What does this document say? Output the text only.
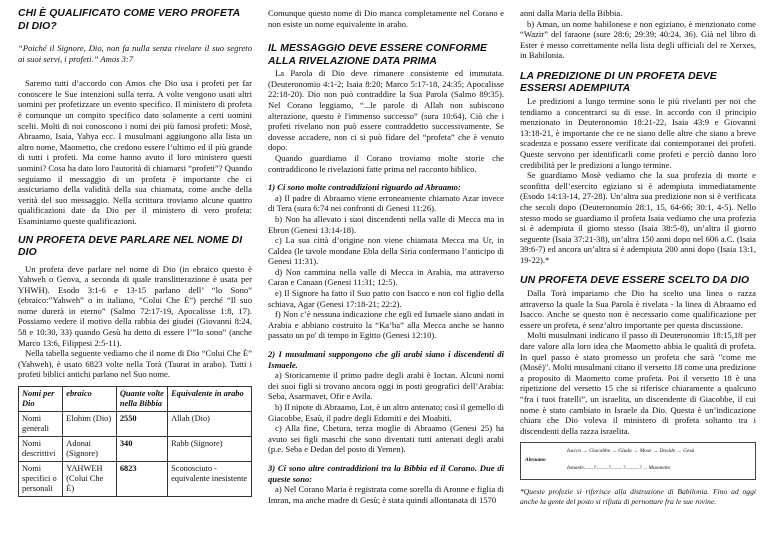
CHI È QUALIFICATO COME VERO PROFETA DI DIO?

“Poiché il Signore, Dio, non fa nulla senza rivelare il suo segreto ai suoi servi, i profeti.” Amos 3:7

Saremo tutti d’accordo con Amos che Dio usa i profeti per far conoscere le Sue intenzioni sulla terra. A volte vengono usati altri uomini per profetizzare un evento specifico. Il ministero di profeta è comunque un compito specifico dato solamente a certi uomini scelti. Molti di noi conoscono i nomi dei più famosi profeti: Mosè, Abraamo, Isaia, Yahya ecc. I musulmani aggiungono alla lista un altro nome, Maometto, che credono essere l’ultimo ed il più grande di tutti i profeti. Ma come hanno avuto il loro ministero questi uomini? Cosa ha dato loro l'autorità di chiamarsi “profeti”? Quando seguiamo il messaggio di un profeta è importante che ci assicuriamo della validità della sua chiamata, come anche della verità del suo messaggio. Nella scrittura troviamo alcune quattro qualificazioni date da Dio per il ministero di vero profeta: Esaminiamo queste qualificazioni.

UN PROFETA DEVE PARLARE NEL NOME DI DIO

Un profeta deve parlare nel nome di Dio (in ebraico questo è Yahweh o Geova, a seconda di quale translitterazione è usata per YHWH). Esodo 3:1-6 e 13-15 parlano dell’ “lo Sono” (ebraico:”Yahweh” o in italiano, “Colui Che È”) perché “Il suo nome durerà in eterno” (Salmo 72:17-19, Apocalisse 1:8, 17). Possiamo vedere il motivo della rabbia dei giudei (Giovanni 8:24, 58 e 10:30, 33) quando Gesù ha detto di essere l’”Io sono” (anche Marco 13:6, Filippesi 2:5-11).

Nella tabella seguente vediamo che il nome di Dio “Colui Che È” (Yahweh), è usato 6823 volte nella Torà (Taurat in arabo). Tutti i profeti biblici antichi parlano nel Suo nome.

Nomi per Dio	ebraico	Quante volte nella Bibbia	Equivalente in arabo
Nomi generali	Elohim (Dio)	2550	Allah (Dio)
Nomi descrittivi	Adonai (Signore)	340	Rabb (Signore)
Nomi specifici o personali	YAHWEH (Colui Che È)	6823	Sconosciuto - equivalente inesistente

Comunque questo nome di Dio manca completamente nel Corano e non esiste un nome equivalente in arabo.

IL MESSAGGIO DEVE ESSERE CONFORME ALLA RIVELAZIONE DATA PRIMA

La Parola di Dio deve rimanere consistente ed immutata. (Deuteronomio 4:1-2; Isaia 8:20; Marco 5:17-18, 24:35; Apocalisse 22:18-20). Dio non può contraddire la Sua Parola (Salmo 89:35). Nel Corano leggiamo, “...le parole di Allah non subiscono alterazione, questo è l'immenso successo” (sura 10:64). Ciò che i profeti rivelano non può essere contraddetto successivamente. Se dovesse accadere, non ci si può fidare del “profeta” che è venuto dopo.

Quando guardiamo il Corano troviamo molte storie che contraddicono le rivelazioni fatte prima nel racconto biblico.

1) Ci sono molte contraddizioni riguardo ad Abraamo:

a) Il padre di Abraamo viene erroneamente chiamato Azar invece di Tera (sura 6:74 nei confronti di Genesi 11:26).

b) Non ha allevato i suoi discendenti nella valle di Mecca ma in Ebron (Genesi 13:14-18).

c) La sua città d’origine non viene chiamata Mecca ma Ur, in Caldea (le tavole mondane Ebla della Siria confermano l’anticipo di Genesi 11:31).

d) Non cammina nella valle di Mecca in Arabia, ma attraverso Caran e Canaan (Genesi 11:31; 12:5).

e) Il Signore ha fatto il Suo patto con Isacco e non col figlio della schiava, Agar (Genesi 17:18-21; 22:2).

f) Non c’è nessuna indicazione che egli ed Ismaele siano andati in Arabia e abbiano costruito la “Ka’ba” alla Mecca anche se hanno passato un po' di tempo in Egitto (Genesi 12:10).

2) I musulmani suppongono che gli arabi siano i discendenti di Ismaele.

a) Storicamente il primo padre degli arabi è Ioctan. Alcuni nomi dei suoi figli si trovano ancora oggi in posti geografici dell’Arabia: Seba, Asarmavet, Ofir e Avila.

b) Il nipote di Abraamo, Lot, è un altro antenato; così il gemello di Giacobbe, Esaù, il padre degli Edomiti e dei Moabiti.

c) Alla fine, Chetura, terza moglie di Abraamo (Genesi 25) ha avuto sei figli maschi che sono diventati tutti antenati degli arabi (p.e. Seba e Dedan del posto di Yemen).

3) Ci sono altre contraddizioni tra la Bibbia ed il Corano. Due di queste sono:

a) Nel Corano Maria è registrata come sorella di Aronne e figlia di Imran, ma anche madre di Gesù; è stata quindi allontanata di 1570

anni dalla Maria della Bibbia.

b) Aman, un nome babilonese e non egiziano, è menzionato come “Wazir” del faraone (sure 28:6; 29:39; 40:24, 36). Già nel libro di Ester è messo correttamente nella lista degli ufficiali del re Xerxes, in Babilonia.

LA PREDIZIONE DI UN PROFETA DEVE ESSERSI ADEMPIUTA

Le predizioni a lungo termine sono le più rivelanti per noi che tendiamo a concentrarci su di esse. In accordo con il principio menzionato in Deuteronomio 18:21-22, Isaia 43:9 e Giovanni 13:18-21, è importante che ce ne siano delle altre che siano a breve scadenza e possano essere verificate dai contemporanei dei profeti. Queste servono per identificarli come profeti e perciò danno loro credibilità per le predizioni a lungo termine.

Se guardiamo Mosè vediamo che la sua profezia di morte e sconfitta dell’esercito egiziano si è adempiuta immediatamente (Esodo 14:13-14, 27-28). Un’altra sua predizione non si è verificata che secoli dopo (Deuteronomio 28:1, 15, 64-66; 30:1, 4-5). Nello stesso modo se guardiamo il profeta Isaia vediamo che una profezia si è adempiuta il giorno stesso (Isaia 38:5-8), un’altra il giorno seguente (Isaia 37:21-38), un’altra 150 anni dopo nel 606 a.C. (Isaia 39:6-7) ed ancora un’altra si è adempiuta 200 anni dopo (Isaia 13:1, 19-22).*

UN PROFETA DEVE ESSERE SCELTO DA DIO

Dalla Torà impariamo che Dio ha scelto una linea o razza attraverso la quale la Sua Parola è rivelata - la linea di Abraamo ed Isacco. Anche se questo non è necessario come qualificazione per essere un profeta, è senz’altro importante per questa discussione.

Molti musulmani indicano il passo di Deuteronomio 18:15,18 per dare valore alla loro idea che Maometto abbia le qualità di profeta. In quel passo è stato promesso un profeta che sarà "come me (Mosè)". Molti musulmani citano il versetto 18 come una predizione a proposito di Maometto come profeta. Poi il versetto 18 è una ripetizione del versetto 15 che si riferisce chiaramente a qualcuno “fra i tuoi fratelli”, un israelita, un discendente di Giacobbe, il cui nome è stato cambiato in Israele da Dio. Questa è un’indicazione chiara che Dio voleva il ministero di profeta soltanto tra i discendenti della razza israelita.

Abraamo
Isacco → Giacobbe → Giuda → Mose → Davide → Gesù
Ismaele.......?.........?.........?..........? ... Maometto

*Queste profezie si riferisce alla distruzione di Babilonia. Fino ad oggi anche la gente del posto si rifiuta di pernottare fra le sue rovine.
